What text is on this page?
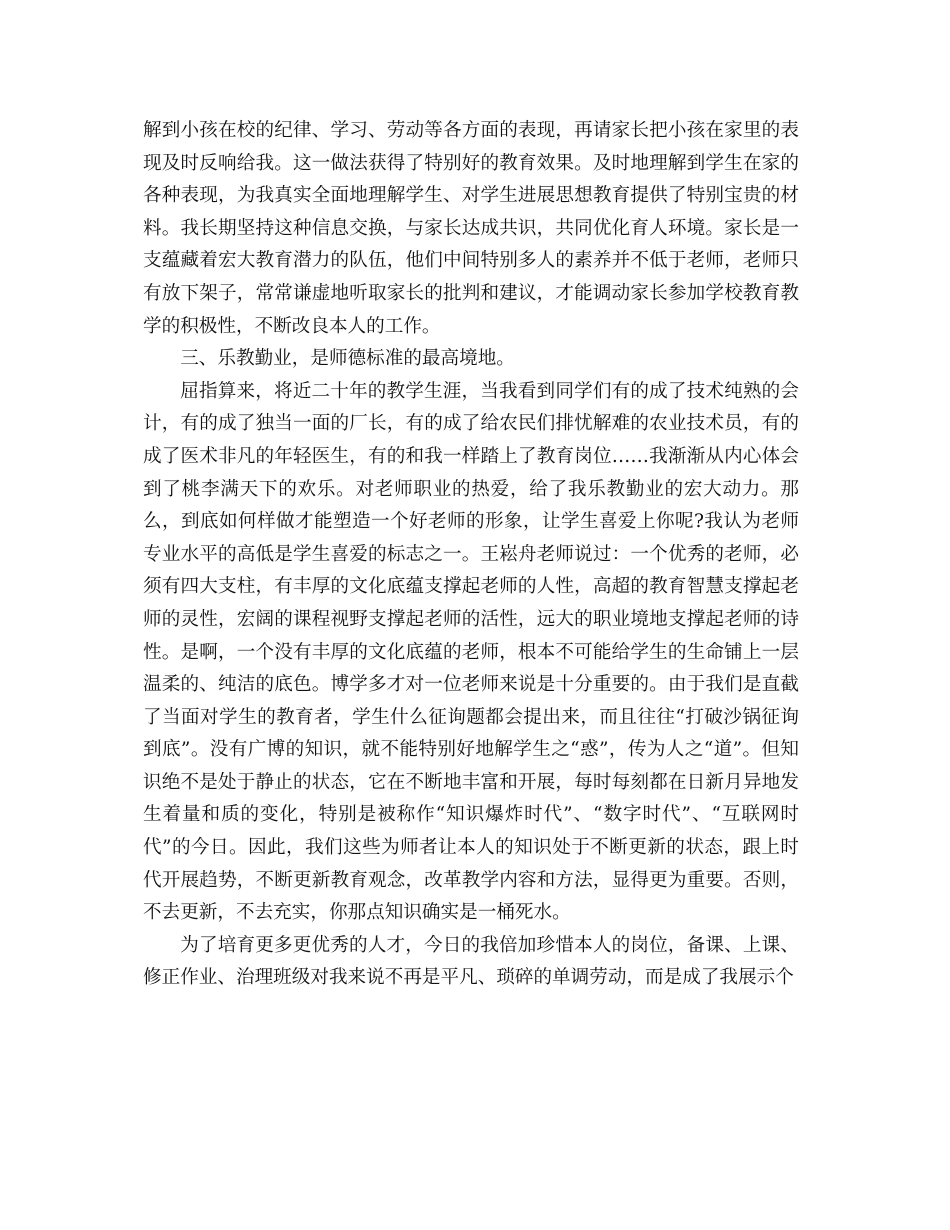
解到小孩在校的纪律、学习、劳动等各方面的表现，再请家长把小孩在家里的表现及时反响给我。这一做法获得了特别好的教育效果。及时地理解到学生在家的各种表现，为我真实全面地理解学生、对学生进展思想教育提供了特别宝贵的材料。我长期坚持这种信息交换，与家长达成共识，共同优化育人环境。家长是一支蕴藏着宏大教育潜力的队伍，他们中间特别多人的素养并不低于老师，老师只有放下架子，常常谦虚地听取家长的批判和建议，才能调动家长参加学校教育教学的积极性，不断改良本人的工作。

三、乐教勤业，是师德标准的最高境地。

屈指算来，将近二十年的教学生涯，当我看到同学们有的成了技术纯熟的会计，有的成了独当一面的厂长，有的成了给农民们排忧解难的农业技术员，有的成了医术非凡的年轻医生，有的和我一样踏上了教育岗位……我渐渐从内心体会到了桃李满天下的欢乐。对老师职业的热爱，给了我乐教勤业的宏大动力。那么，到底如何样做才能塑造一个好老师的形象，让学生喜爱上你呢?我认为老师专业水平的高低是学生喜爱的标志之一。王崧舟老师说过：一个优秀的老师，必须有四大支柱，有丰厚的文化底蕴支撑起老师的人性，高超的教育智慧支撑起老师的灵性，宏阔的课程视野支撑起老师的活性，远大的职业境地支撑起老师的诗性。是啊，一个没有丰厚的文化底蕴的老师，根本不可能给学生的生命铺上一层温柔的、纯洁的底色。博学多才对一位老师来说是十分重要的。由于我们是直截了当面对学生的教育者，学生什么征询题都会提出来，而且往往“打破沙锅征询到底”。没有广博的知识，就不能特别好地解学生之“惑”，传为人之“道”。但知识绝不是处于静止的状态，它在不断地丰富和开展，每时每刻都在日新月异地发生着量和质的变化，特别是被称作“知识爆炸时代”、“数字时代”、“互联网时代”的今日。因此，我们这些为师者让本人的知识处于不断更新的状态，跟上时代开展趋势，不断更新教育观念，改革教学内容和方法，显得更为重要。否则，不去更新，不去充实，你那点知识确实是一桶死水。

为了培育更多更优秀的人才，今日的我倍加珍惜本人的岗位，备课、上课、修正作业、治理班级对我来说不再是平凡、琐碎的单调劳动，而是成了我展示个
